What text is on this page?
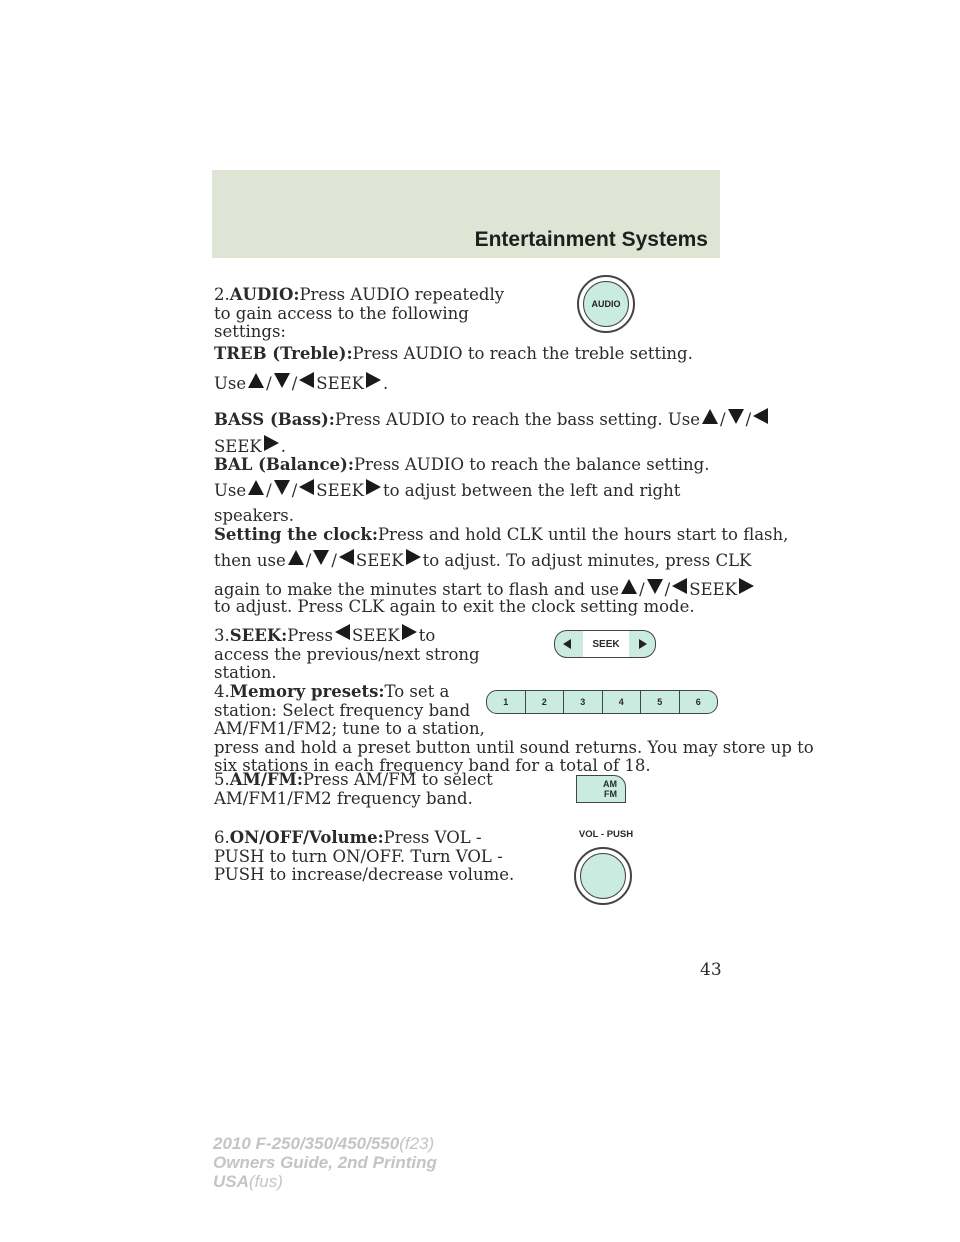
Entertainment Systems
2.AUDIO:Press AUDIO repeatedly
to gain access to the following
settings:
AUDIO
TREB (Treble):Press AUDIO to reach the treble setting.
Use / / SEEK .
BASS (Bass):Press AUDIO to reach the bass setting. Use / /
SEEK .
BAL (Balance):Press AUDIO to reach the balance setting.
Use / / SEEK to adjust between the left and right
speakers.
Setting the clock:Press and hold CLK until the hours start to flash,
then use / / SEEK to adjust. To adjust minutes, press CLK
again to make the minutes start to flash and use / / SEEK
to adjust. Press CLK again to exit the clock setting mode.
3.SEEK:Press SEEK to
access the previous/next strong
station.
SEEK
4.Memory presets:To set a
station: Select frequency band
AM/FM1/FM2; tune to a station,
press and hold a preset button until sound returns. You may store up to
six stations in each frequency band for a total of 18.
1	2	3	4	5	6
5.AM/FM:Press AM/FM to select
AM/FM1/FM2 frequency band.
AM
FM
6.ON/OFF/Volume:Press VOL -
PUSH to turn ON/OFF. Turn VOL -
PUSH to increase/decrease volume.
VOL - PUSH
43
2010 F-250/350/450/550(f23)
Owners Guide, 2nd Printing
USA(fus)
